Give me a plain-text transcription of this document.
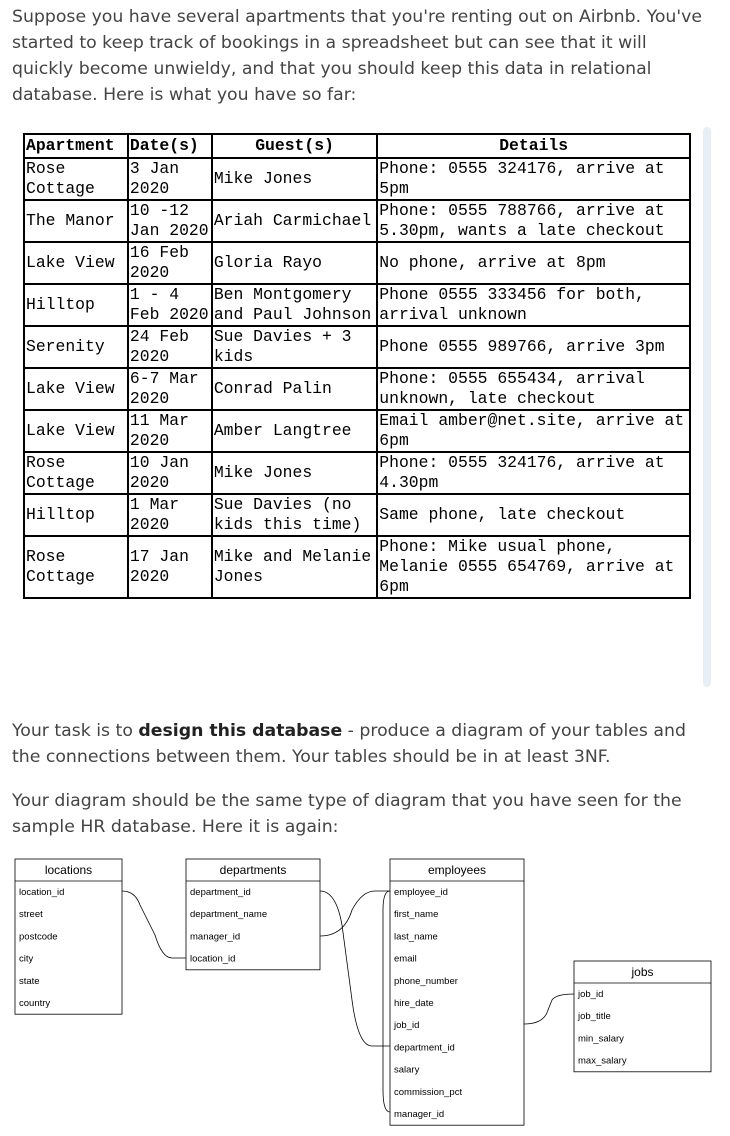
Suppose you have several apartments that you're renting out on Airbnb. You've started to keep track of bookings in a spreadsheet but can see that it will quickly become unwieldy, and that you should keep this data in relational database. Here is what you have so far:

Apartment	Date(s)	Guest(s)	Details
Rose Cottage	3 Jan 2020	Mike Jones	Phone: 0555 324176, arrive at 5pm
The Manor	10 -12 Jan 2020	Ariah Carmichael	Phone: 0555 788766, arrive at 5.30pm, wants a late checkout
Lake View	16 Feb 2020	Gloria Rayo	No phone, arrive at 8pm
Hilltop	1 - 4 Feb 2020	Ben Montgomery and Paul Johnson	Phone 0555 333456 for both, arrival unknown
Serenity	24 Feb 2020	Sue Davies + 3 kids	Phone 0555 989766, arrive 3pm
Lake View	6-7 Mar 2020	Conrad Palin	Phone: 0555 655434, arrival unknown, late checkout
Lake View	11 Mar 2020	Amber Langtree	Email amber@net.site, arrive at 6pm
Rose Cottage	10 Jan 2020	Mike Jones	Phone: 0555 324176, arrive at 4.30pm
Hilltop	1 Mar 2020	Sue Davies (no kids this time)	Same phone, late checkout
Rose Cottage	17 Jan 2020	Mike and Melanie Jones	Phone: Mike usual phone, Melanie 0555 654769, arrive at 6pm

Your task is to design this database - produce a diagram of your tables and the connections between them. Your tables should be in at least 3NF.

Your diagram should be the same type of diagram that you have seen for the sample HR database. Here it is again:

locations
location_id
street
postcode
city
state
country
departments
department_id
department_name
manager_id
location_id
employees
employee_id
first_name
last_name
email
phone_number
hire_date
job_id
department_id
salary
commission_pct
manager_id
jobs
job_id
job_title
min_salary
max_salary
